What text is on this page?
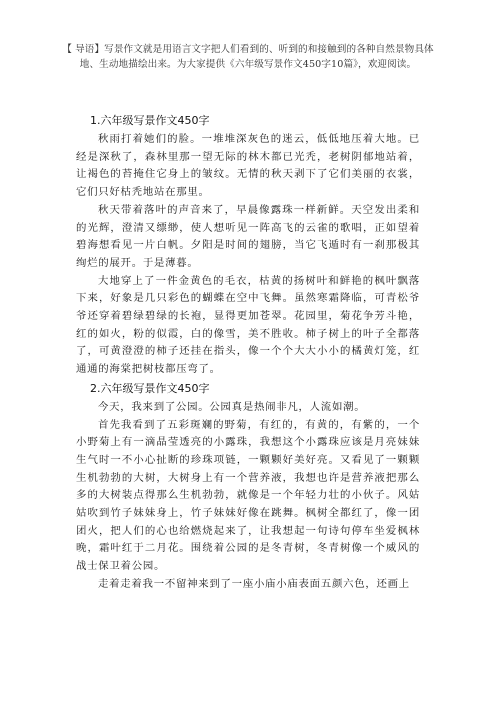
【 导语】写景作文就是用语言文字把人们看到的、听到的和接触到的各种自然景物具体地、生动地描绘出来。为大家提供《六年级写景作文450字10篇》，欢迎阅读。
1.六年级写景作文450字

秋雨打着她们的脸。一堆堆深灰色的迷云，低低地压着大地。已经是深秋了，森林里那一望无际的林木都已光秃，老树阴郁地站着，让褐色的苔掩住它身上的皱纹。无情的秋天剥下了它们美丽的衣裳，它们只好枯秃地站在那里。

秋天带着落叶的声音来了，早晨像露珠一样新鲜。天空发出柔和的光辉，澄清又缥缈，使人想听见一阵高飞的云雀的歌唱，正如望着碧海想看见一片白帆。夕阳是时间的翅膀，当它飞遁时有一刹那极其绚烂的展开。于是薄暮。

大地穿上了一件金黄色的毛衣，枯黄的扬树叶和鲜艳的枫叶飘落下来，好象是几只彩色的蝴蝶在空中飞舞。虽然寒霜降临，可青松爷爷还穿着碧绿碧绿的长袍，显得更加苍翠。花园里，菊花争芳斗艳，红的如火，粉的似霞，白的像雪，美不胜收。柿子树上的叶子全都落了，可黄澄澄的柿子还挂在指头，像一个个大大小小的橘黄灯笼，红通通的海棠把树枝都压弯了。

2.六年级写景作文450字

今天，我来到了公园。公园真是热闹非凡，人流如潮。

首先我看到了五彩斑斓的野菊，有红的，有黄的，有紫的，一个小野菊上有一滴晶莹透亮的小露珠，我想这个小露珠应该是月亮妹妹生气时一不小心扯断的珍珠项链，一颗颗好美好亮。又看见了一颗颗生机勃勃的大树，大树身上有一个营养液，我想也许是营养液把那么多的大树装点得那么生机勃勃，就像是一个年轻力壮的小伙子。风姑姑吹到竹子妹妹身上，竹子妹妹好像在跳舞。枫树全都红了，像一团团火，把人们的心也给燃烧起来了，让我想起一句诗句停车坐爱枫林晚，霜叶红于二月花。围绕着公园的是冬青树，冬青树像一个威风的战士保卫着公园。

走着走着我一不留神来到了一座小庙小庙表面五颜六色，还画上
